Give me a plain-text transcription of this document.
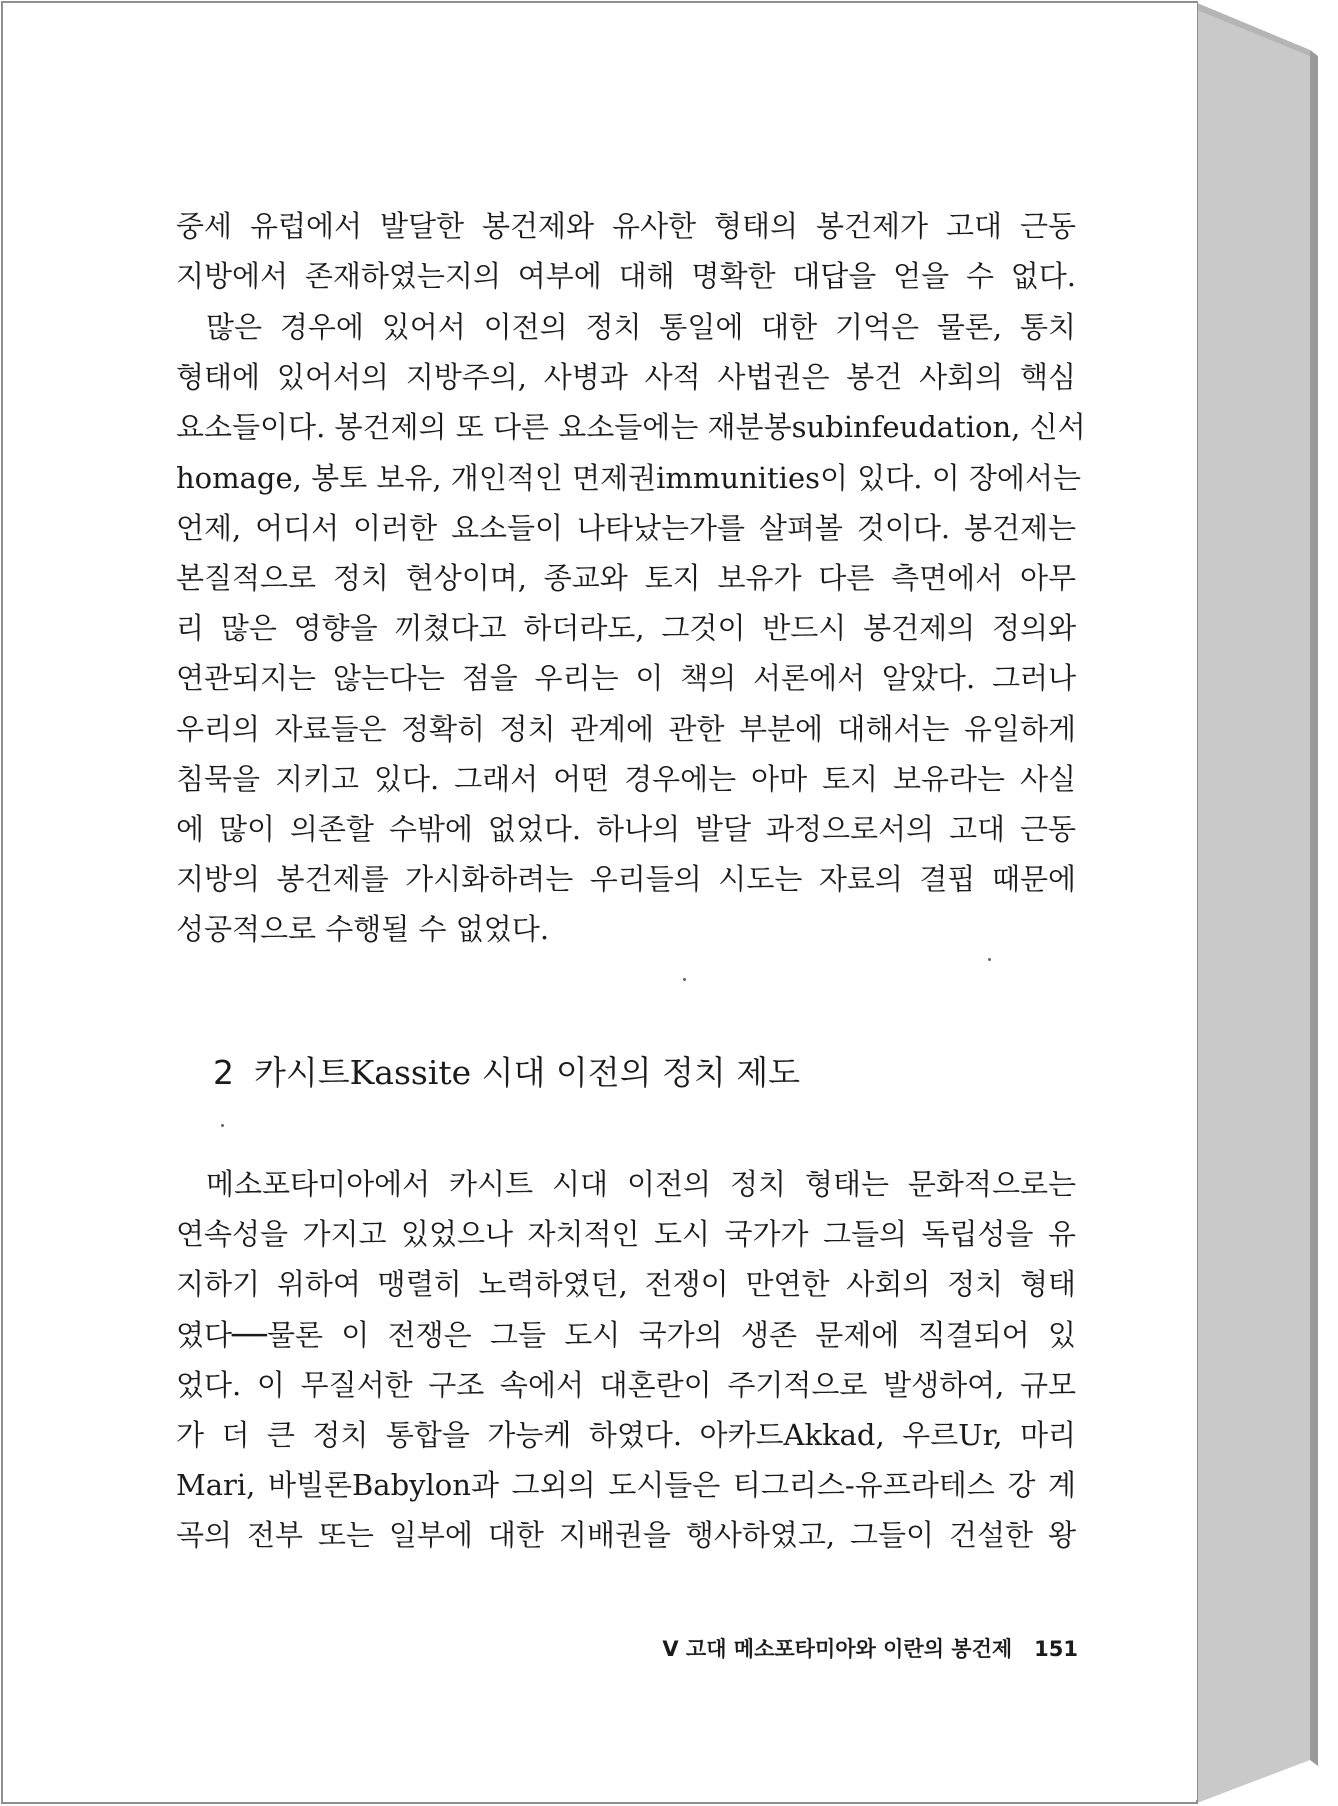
중세 유럽에서 발달한 봉건제와 유사한 형태의 봉건제가 고대 근동
지방에서 존재하였는지의 여부에 대해 명확한 대답을 얻을 수 없다.
많은 경우에 있어서 이전의 정치 통일에 대한 기억은 물론, 통치
형태에 있어서의 지방주의, 사병과 사적 사법권은 봉건 사회의 핵심
요소들이다. 봉건제의 또 다른 요소들에는 재분봉subinfeudation, 신서
homage, 봉토 보유, 개인적인 면제권immunities이 있다. 이 장에서는
언제, 어디서 이러한 요소들이 나타났는가를 살펴볼 것이다. 봉건제는
본질적으로 정치 현상이며, 종교와 토지 보유가 다른 측면에서 아무
리 많은 영향을 끼쳤다고 하더라도, 그것이 반드시 봉건제의 정의와
연관되지는 않는다는 점을 우리는 이 책의 서론에서 알았다. 그러나
우리의 자료들은 정확히 정치 관계에 관한 부분에 대해서는 유일하게
침묵을 지키고 있다. 그래서 어떤 경우에는 아마 토지 보유라는 사실
에 많이 의존할 수밖에 없었다. 하나의 발달 과정으로서의 고대 근동
지방의 봉건제를 가시화하려는 우리들의 시도는 자료의 결핍 때문에
성공적으로 수행될 수 없었다.
2 카시트Kassite 시대 이전의 정치 제도
메소포타미아에서 카시트 시대 이전의 정치 형태는 문화적으로는
연속성을 가지고 있었으나 자치적인 도시 국가가 그들의 독립성을 유
지하기 위하여 맹렬히 노력하였던, 전쟁이 만연한 사회의 정치 형태
였다──물론 이 전쟁은 그들 도시 국가의 생존 문제에 직결되어 있
었다. 이 무질서한 구조 속에서 대혼란이 주기적으로 발생하여, 규모
가 더 큰 정치 통합을 가능케 하였다. 아카드Akkad, 우르Ur, 마리
Mari, 바빌론Babylon과 그외의 도시들은 티그리스-유프라테스 강 계
곡의 전부 또는 일부에 대한 지배권을 행사하였고, 그들이 건설한 왕
V 고대 메소포타미아와 이란의 봉건제 151
